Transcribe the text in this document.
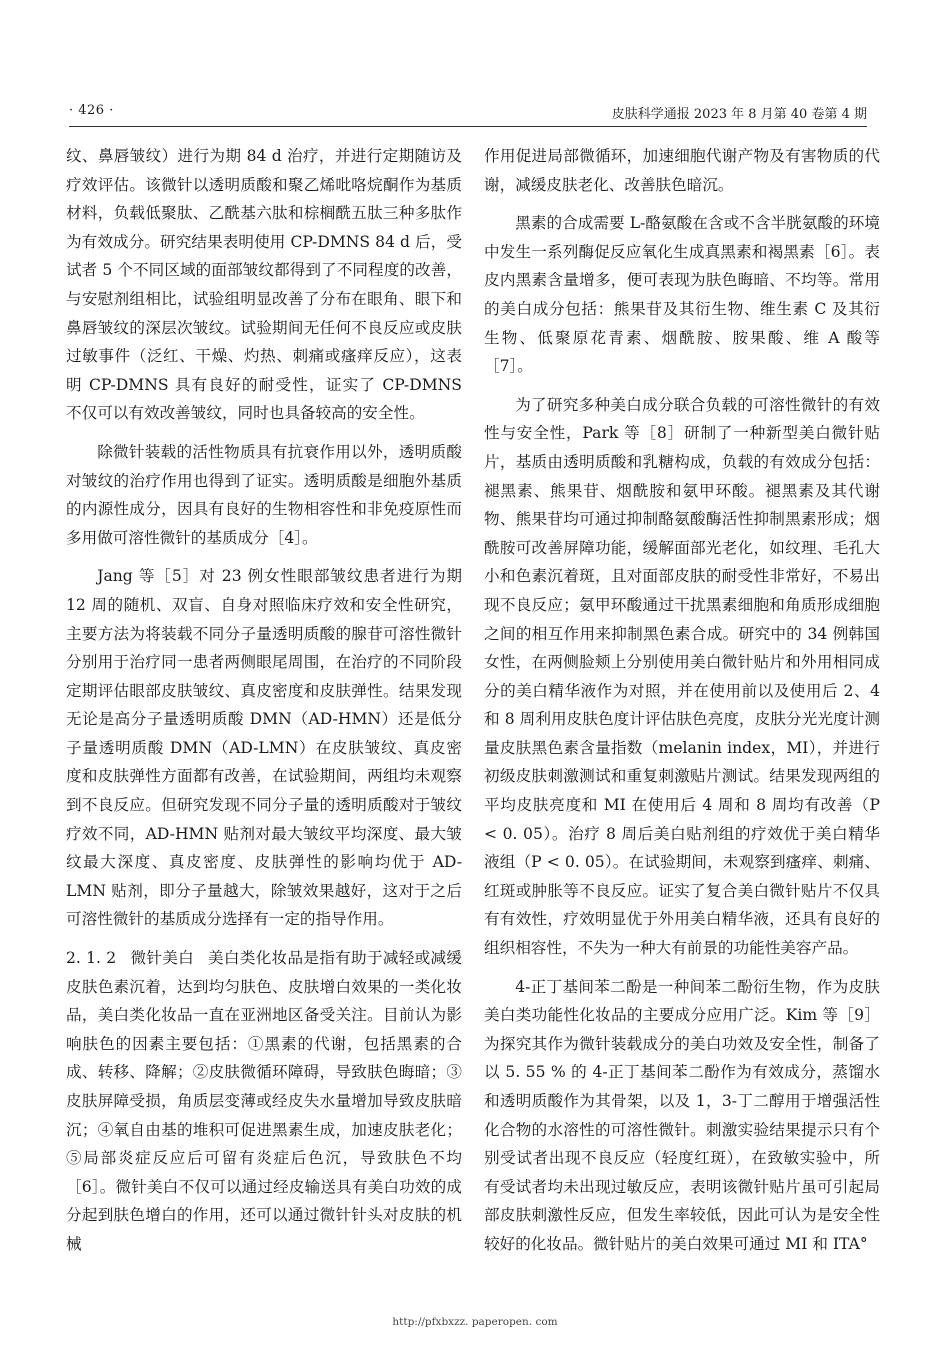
· 426 ·	皮肤科学通报 2023 年 8 月第 40 卷第 4 期

纹、鼻唇皱纹）进行为期 84 d 治疗，并进行定期随访及疗效评估。该微针以透明质酸和聚乙烯吡咯烷酮作为基质材料，负载低聚肽、乙酰基六肽和棕榈酰五肽三种多肽作为有效成分。研究结果表明使用 CP-DMNS 84 d 后，受试者 5 个不同区域的面部皱纹都得到了不同程度的改善，与安慰剂组相比，试验组明显改善了分布在眼角、眼下和鼻唇皱纹的深层次皱纹。试验期间无任何不良反应或皮肤过敏事件（泛红、干燥、灼热、刺痛或瘙痒反应），这表明 CP-DMNS 具有良好的耐受性，证实了 CP-DMNS 不仅可以有效改善皱纹，同时也具备较高的安全性。

除微针装载的活性物质具有抗衰作用以外，透明质酸对皱纹的治疗作用也得到了证实。透明质酸是细胞外基质的内源性成分，因具有良好的生物相容性和非免疫原性而多用做可溶性微针的基质成分［4］。

Jang 等［5］对 23 例女性眼部皱纹患者进行为期 12 周的随机、双盲、自身对照临床疗效和安全性研究，主要方法为将装载不同分子量透明质酸的腺苷可溶性微针分别用于治疗同一患者两侧眼尾周围，在治疗的不同阶段定期评估眼部皮肤皱纹、真皮密度和皮肤弹性。结果发现无论是高分子量透明质酸 DMN（AD-HMN）还是低分子量透明质酸 DMN（AD-LMN）在皮肤皱纹、真皮密度和皮肤弹性方面都有改善，在试验期间，两组均未观察到不良反应。但研究发现不同分子量的透明质酸对于皱纹疗效不同，AD-HMN 贴剂对最大皱纹平均深度、最大皱纹最大深度、真皮密度、皮肤弹性的影响均优于 AD-LMN 贴剂，即分子量越大，除皱效果越好，这对于之后可溶性微针的基质成分选择有一定的指导作用。

2. 1. 2 微针美白 美白类化妆品是指有助于减轻或减缓皮肤色素沉着，达到均匀肤色、皮肤增白效果的一类化妆品，美白类化妆品一直在亚洲地区备受关注。目前认为影响肤色的因素主要包括：①黑素的代谢，包括黑素的合成、转移、降解；②皮肤微循环障碍，导致肤色晦暗；③皮肤屏障受损，角质层变薄或经皮失水量增加导致皮肤暗沉；④氧自由基的堆积可促进黑素生成，加速皮肤老化；⑤局部炎症反应后可留有炎症后色沉，导致肤色不均［6］。微针美白不仅可以通过经皮输送具有美白功效的成分起到肤色增白的作用，还可以通过微针针头对皮肤的机械

作用促进局部微循环，加速细胞代谢产物及有害物质的代谢，减缓皮肤老化、改善肤色暗沉。

黑素的合成需要 L-酪氨酸在含或不含半胱氨酸的环境中发生一系列酶促反应氧化生成真黑素和褐黑素［6］。表皮内黑素含量增多，便可表现为肤色晦暗、不均等。常用的美白成分包括：熊果苷及其衍生物、维生素 C 及其衍生物、低聚原花青素、烟酰胺、胺果酸、维 A 酸等［7］。

为了研究多种美白成分联合负载的可溶性微针的有效性与安全性，Park 等［8］研制了一种新型美白微针贴片，基质由透明质酸和乳糖构成，负载的有效成分包括：褪黑素、熊果苷、烟酰胺和氨甲环酸。褪黑素及其代谢物、熊果苷均可通过抑制酪氨酸酶活性抑制黑素形成；烟酰胺可改善屏障功能，缓解面部光老化，如纹理、毛孔大小和色素沉着斑，且对面部皮肤的耐受性非常好，不易出现不良反应；氨甲环酸通过干扰黑素细胞和角质形成细胞之间的相互作用来抑制黑色素合成。研究中的 34 例韩国女性，在两侧脸颊上分别使用美白微针贴片和外用相同成分的美白精华液作为对照，并在使用前以及使用后 2、4 和 8 周利用皮肤色度计评估肤色亮度，皮肤分光光度计测量皮肤黑色素含量指数（melanin index，MI），并进行初级皮肤刺激测试和重复刺激贴片测试。结果发现两组的平均皮肤亮度和 MI 在使用后 4 周和 8 周均有改善（P < 0. 05）。治疗 8 周后美白贴剂组的疗效优于美白精华液组（P < 0. 05）。在试验期间，未观察到瘙痒、刺痛、红斑或肿胀等不良反应。证实了复合美白微针贴片不仅具有有效性，疗效明显优于外用美白精华液，还具有良好的组织相容性，不失为一种大有前景的功能性美容产品。

4-正丁基间苯二酚是一种间苯二酚衍生物，作为皮肤美白类功能性化妆品的主要成分应用广泛。Kim 等［9］为探究其作为微针装载成分的美白功效及安全性，制备了以 5. 55 % 的 4-正丁基间苯二酚作为有效成分，蒸馏水和透明质酸作为其骨架，以及 1，3-丁二醇用于增强活性化合物的水溶性的可溶性微针。刺激实验结果提示只有个别受试者出现不良反应（轻度红斑），在致敏实验中，所有受试者均未出现过敏反应，表明该微针贴片虽可引起局部皮肤刺激性反应，但发生率较低，因此可认为是安全性较好的化妆品。微针贴片的美白效果可通过 MI 和 ITA°

http://pfxbxzz. paperopen. com
